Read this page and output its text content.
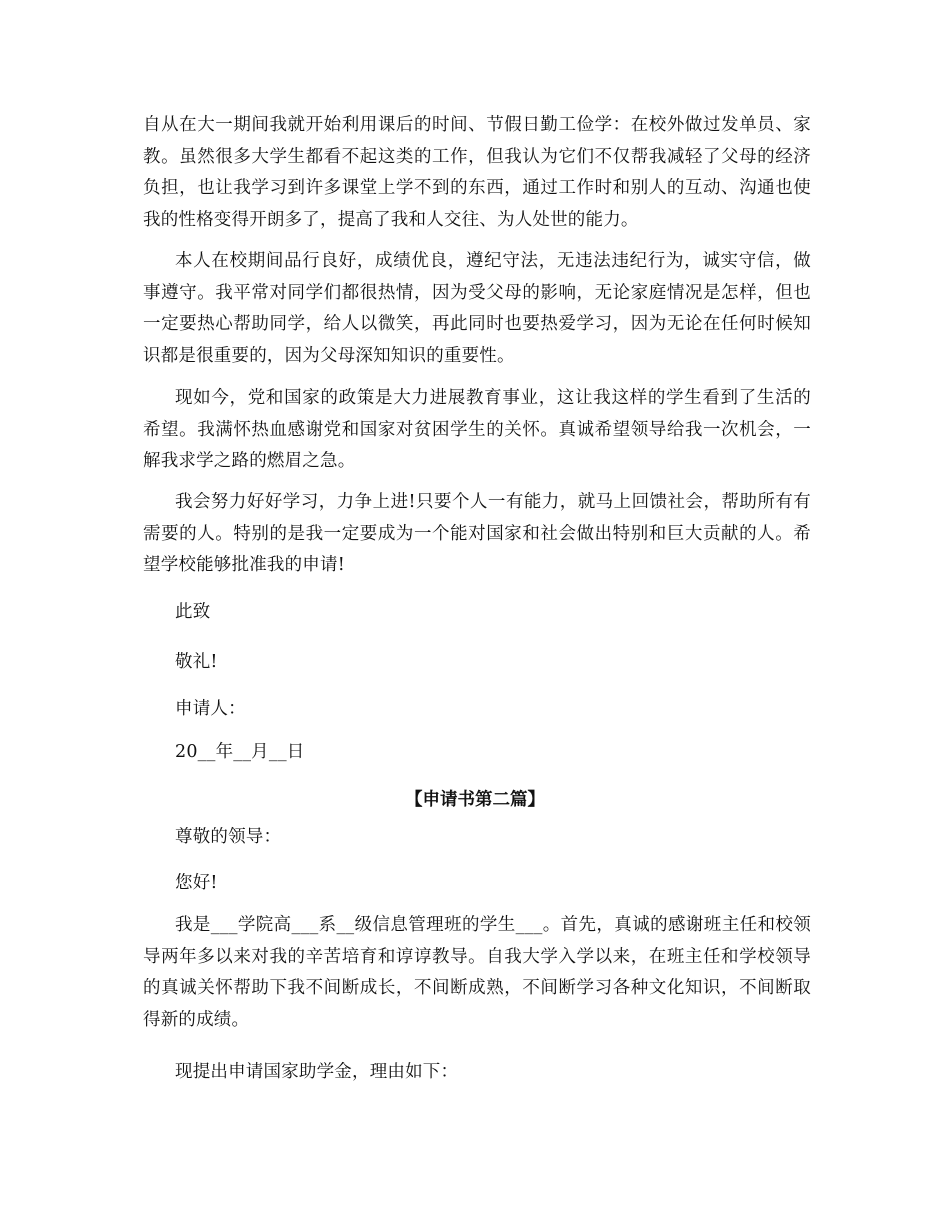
自从在大一期间我就开始利用课后的时间、节假日勤工俭学：在校外做过发单员、家教。虽然很多大学生都看不起这类的工作，但我认为它们不仅帮我减轻了父母的经济负担，也让我学习到许多课堂上学不到的东西，通过工作时和别人的互动、沟通也使我的性格变得开朗多了，提高了我和人交往、为人处世的能力。

本人在校期间品行良好，成绩优良，遵纪守法，无违法违纪行为，诚实守信，做事遵守。我平常对同学们都很热情，因为受父母的影响，无论家庭情况是怎样，但也一定要热心帮助同学，给人以微笑，再此同时也要热爱学习，因为无论在任何时候知识都是很重要的，因为父母深知知识的重要性。

现如今，党和国家的政策是大力进展教育事业，这让我这样的学生看到了生活的希望。我满怀热血感谢党和国家对贫困学生的关怀。真诚希望领导给我一次机会，一解我求学之路的燃眉之急。

我会努力好好学习，力争上进!只要个人一有能力，就马上回馈社会，帮助所有有需要的人。特别的是我一定要成为一个能对国家和社会做出特别和巨大贡献的人。希望学校能够批准我的申请!

此致

敬礼!

申请人：

20__年__月__日

【申请书第二篇】

尊敬的领导：

您好!

我是___学院高___系__级信息管理班的学生___。首先，真诚的感谢班主任和校领导两年多以来对我的辛苦培育和谆谆教导。自我大学入学以来，在班主任和学校领导的真诚关怀帮助下我不间断成长，不间断成熟，不间断学习各种文化知识，不间断取得新的成绩。

现提出申请国家助学金，理由如下：
